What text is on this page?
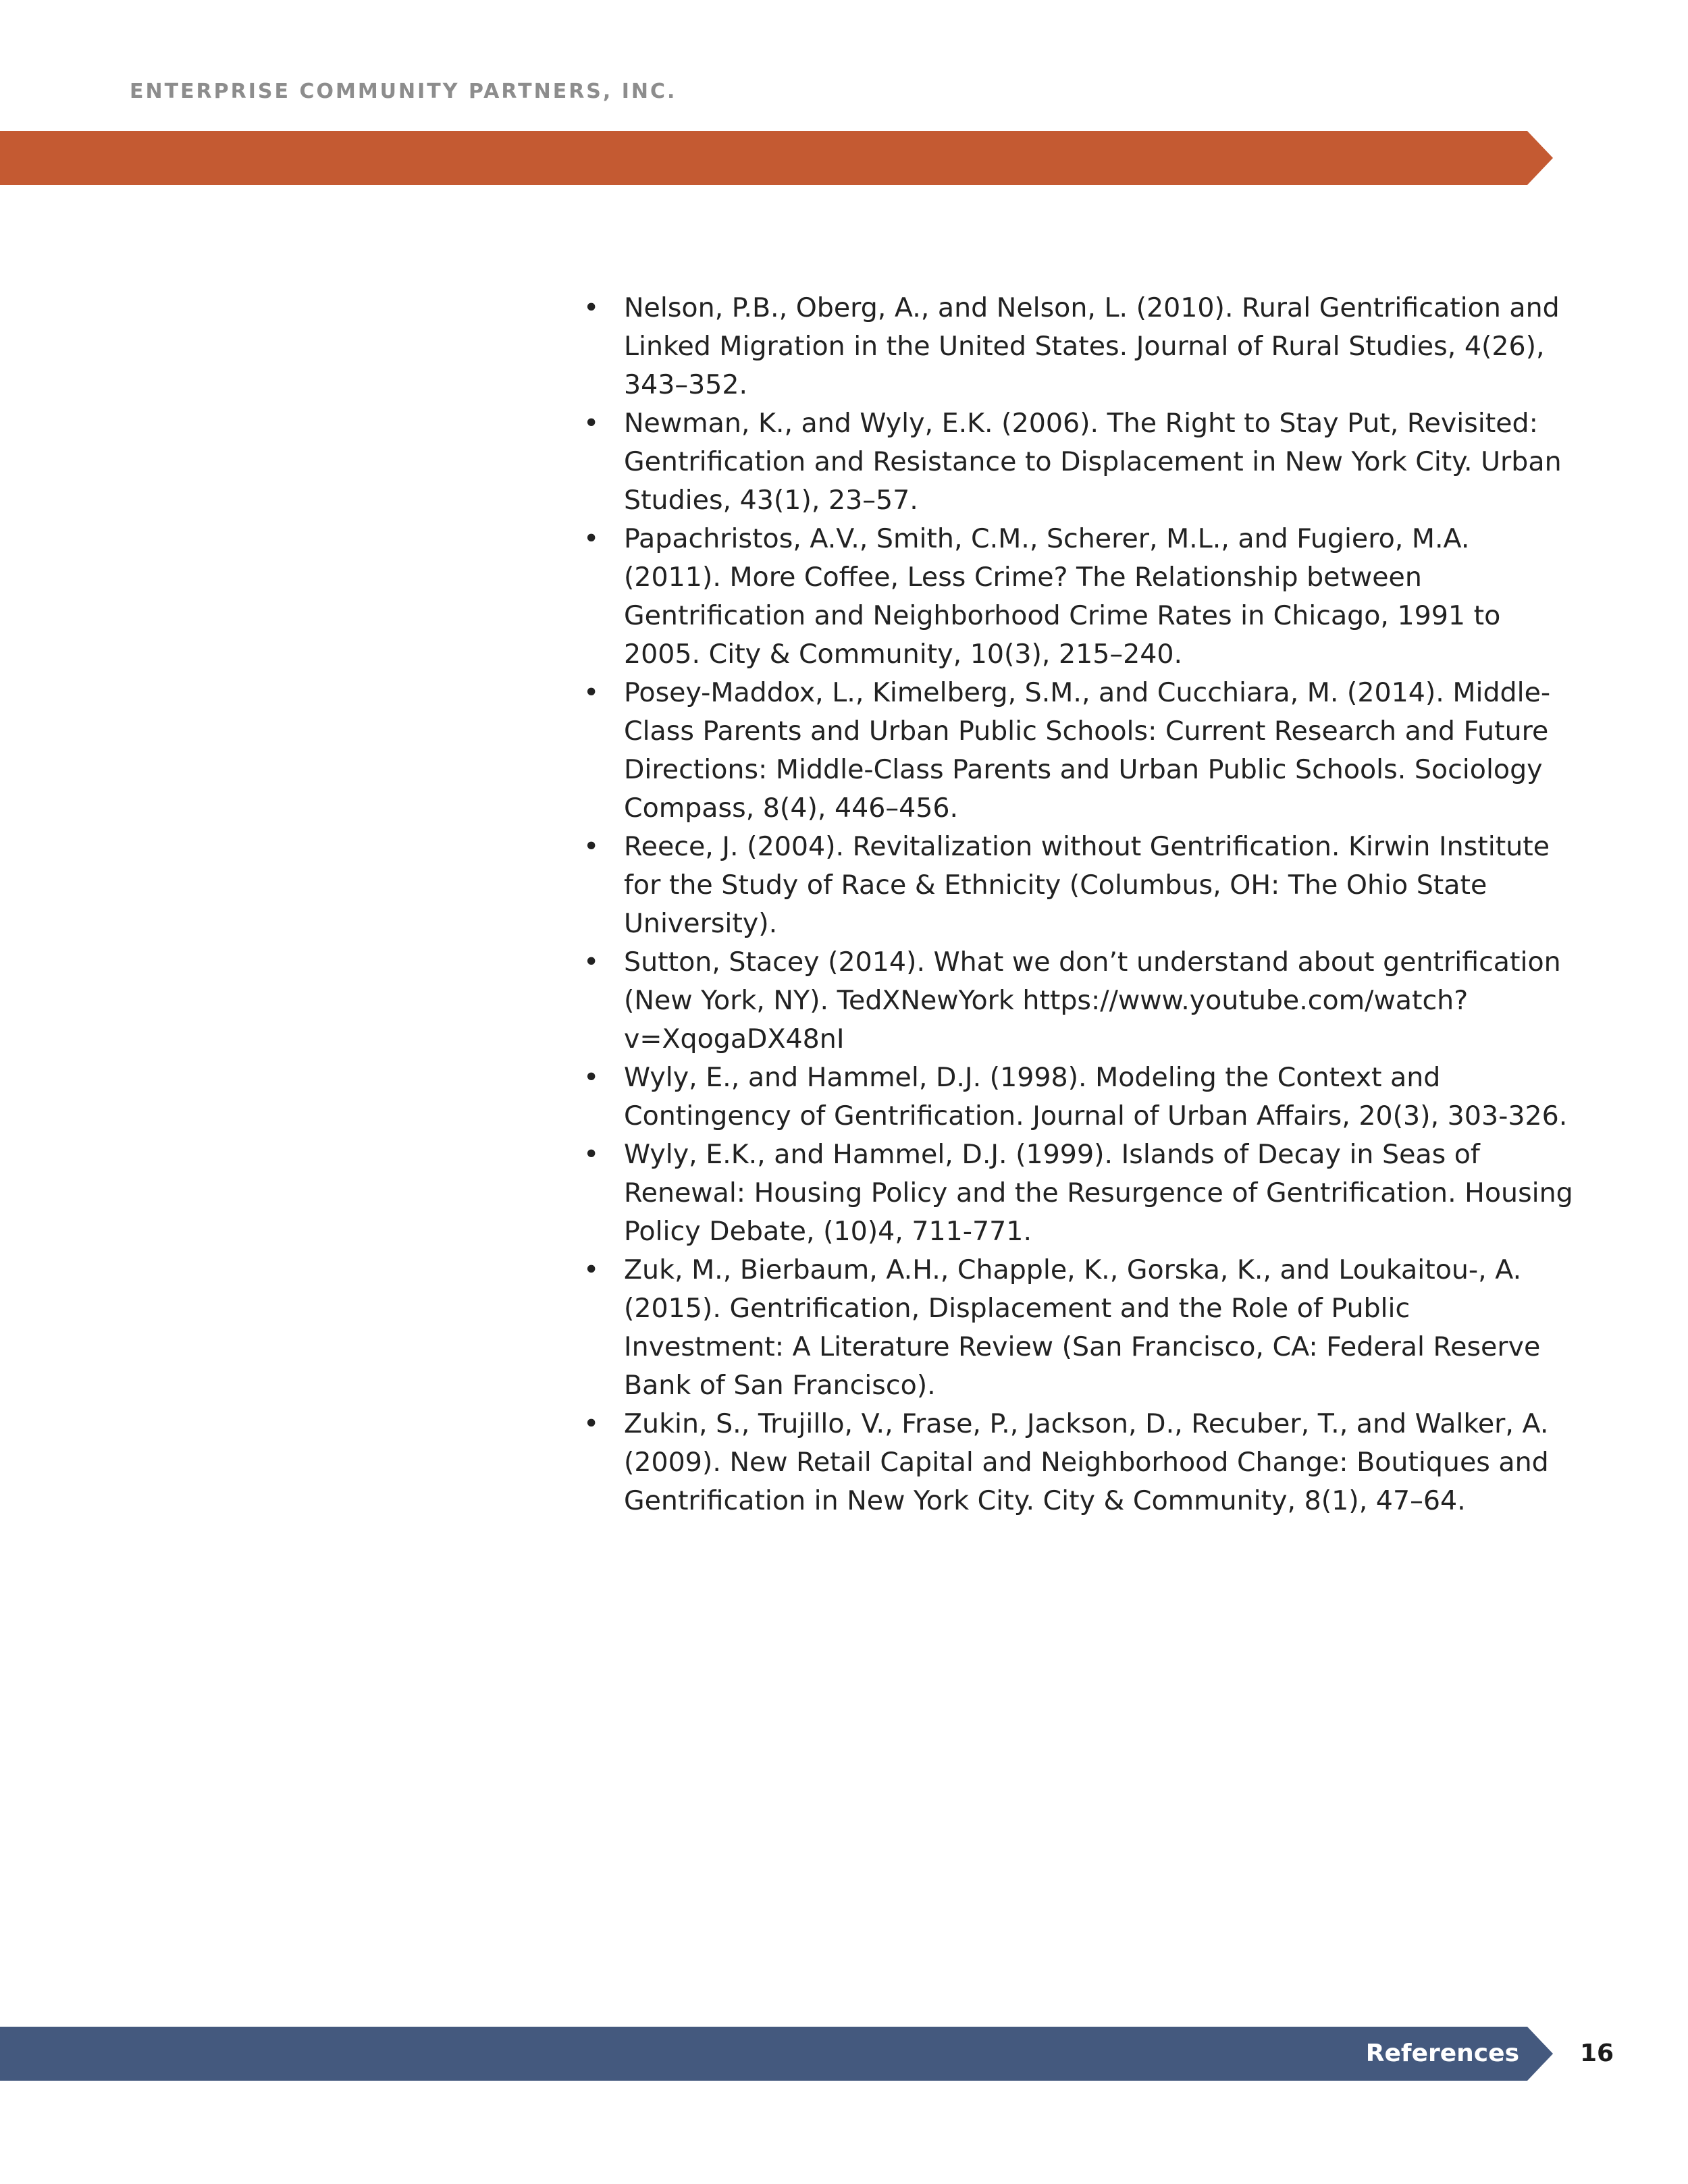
ENTERPRISE COMMUNITY PARTNERS, INC.
• Nelson, P.B., Oberg, A., and Nelson, L. (2010). Rural Gentrification and Linked Migration in the United States. Journal of Rural Studies, 4(26), 343–352.
• Newman, K., and Wyly, E.K. (2006). The Right to Stay Put, Revisited: Gentrification and Resistance to Displacement in New York City. Urban Studies, 43(1), 23–57.
• Papachristos, A.V., Smith, C.M., Scherer, M.L., and Fugiero, M.A. (2011). More Coffee, Less Crime? The Relationship between Gentrification and Neighborhood Crime Rates in Chicago, 1991 to 2005. City & Community, 10(3), 215–240.
• Posey-Maddox, L., Kimelberg, S.M., and Cucchiara, M. (2014). Middle-Class Parents and Urban Public Schools: Current Research and Future Directions: Middle-Class Parents and Urban Public Schools. Sociology Compass, 8(4), 446–456.
• Reece, J. (2004). Revitalization without Gentrification. Kirwin Institute for the Study of Race & Ethnicity (Columbus, OH: The Ohio State University).
• Sutton, Stacey (2014). What we don’t understand about gentrification (New York, NY). TedXNewYork https://www.youtube.com/watch?v=XqogaDX48nI
• Wyly, E., and Hammel, D.J. (1998). Modeling the Context and Contingency of Gentrification. Journal of Urban Affairs, 20(3), 303-326.
• Wyly, E.K., and Hammel, D.J. (1999). Islands of Decay in Seas of Renewal: Housing Policy and the Resurgence of Gentrification. Housing Policy Debate, (10)4, 711-771.
• Zuk, M., Bierbaum, A.H., Chapple, K., Gorska, K., and Loukaitou-, A. (2015). Gentrification, Displacement and the Role of Public Investment: A Literature Review (San Francisco, CA: Federal Reserve Bank of San Francisco).
• Zukin, S., Trujillo, V., Frase, P., Jackson, D., Recuber, T., and Walker, A. (2009). New Retail Capital and Neighborhood Change: Boutiques and Gentrification in New York City. City & Community, 8(1), 47–64.
References	16
